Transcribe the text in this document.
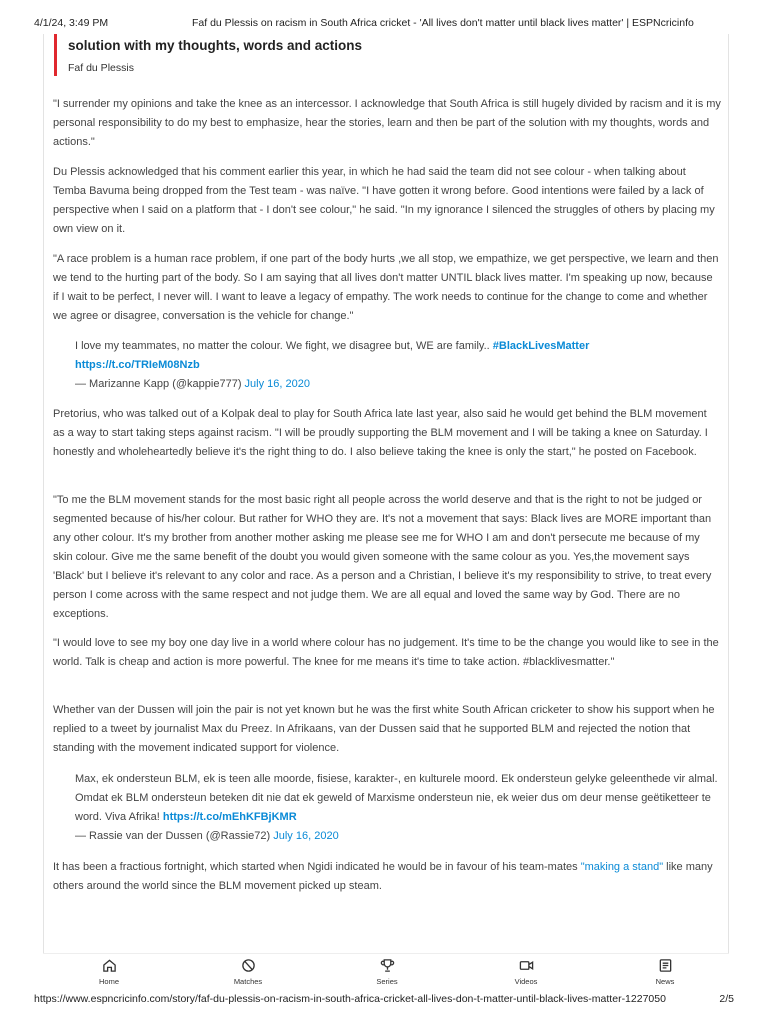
4/1/24, 3:49 PM	Faf du Plessis on racism in South Africa cricket - 'All lives don't matter until black lives matter' | ESPNcricinfo
solution with my thoughts, words and actions
Faf du Plessis

"I surrender my opinions and take the knee as an intercessor. I acknowledge that South Africa is still hugely divided by racism and it is my personal responsibility to do my best to emphasize, hear the stories, learn and then be part of the solution with my thoughts, words and actions."

Du Plessis acknowledged that his comment earlier this year, in which he had said the team did not see colour - when talking about Temba Bavuma being dropped from the Test team - was naïve. "I have gotten it wrong before. Good intentions were failed by a lack of perspective when I said on a platform that - I don't see colour," he said. "In my ignorance I silenced the struggles of others by placing my own view on it.

"A race problem is a human race problem, if one part of the body hurts ,we all stop, we empathize, we get perspective, we learn and then we tend to the hurting part of the body. So I am saying that all lives don't matter UNTIL black lives matter. I'm speaking up now, because if I wait to be perfect, I never will. I want to leave a legacy of empathy. The work needs to continue for the change to come and whether we agree or disagree, conversation is the vehicle for change."

I love my teammates, no matter the colour. We fight, we disagree but, WE are family.. #BlackLivesMatter
https://t.co/TRIeM08Nzb
— Marizanne Kapp (@kappie777) July 16, 2020

Pretorius, who was talked out of a Kolpak deal to play for South Africa late last year, also said he would get behind the BLM movement as a way to start taking steps against racism. "I will be proudly supporting the BLM movement and I will be taking a knee on Saturday. I honestly and wholeheartedly believe it's the right thing to do. I also believe taking the knee is only the start," he posted on Facebook.

"To me the BLM movement stands for the most basic right all people across the world deserve and that is the right to not be judged or segmented because of his/her colour. But rather for WHO they are. It's not a movement that says: Black lives are MORE important than any other colour. It's my brother from another mother asking me please see me for WHO I am and don't persecute me because of my skin colour. Give me the same benefit of the doubt you would given someone with the same colour as you. Yes,the movement says 'Black' but I believe it's relevant to any color and race. As a person and a Christian, I believe it's my responsibility to strive, to treat every person I come across with the same respect and not judge them. We are all equal and loved the same way by God. There are no exceptions.

"I would love to see my boy one day live in a world where colour has no judgement. It's time to be the change you would like to see in the world. Talk is cheap and action is more powerful. The knee for me means it's time to take action. #blacklivesmatter."

Whether van der Dussen will join the pair is not yet known but he was the first white South African cricketer to show his support when he replied to a tweet by journalist Max du Preez. In Afrikaans, van der Dussen said that he supported BLM and rejected the notion that standing with the movement indicated support for violence.

Max, ek ondersteun BLM, ek is teen alle moorde, fisiese, karakter-, en kulturele moord. Ek ondersteun gelyke geleenthede vir almal. Omdat ek BLM ondersteun beteken dit nie dat ek geweld of Marxisme ondersteun nie, ek weier dus om deur mense geëtiketteer te word. Viva Afrika! https://t.co/mEhKFBjKMR
— Rassie van der Dussen (@Rassie72) July 16, 2020

It has been a fractious fortnight, which started when Ngidi indicated he would be in favour of his team-mates "making a stand" like many others around the world since the BLM movement picked up steam.

Home	Matches	Series	Videos	News
https://www.espncricinfo.com/story/faf-du-plessis-on-racism-in-south-africa-cricket-all-lives-don-t-matter-until-black-lives-matter-1227050	2/5
